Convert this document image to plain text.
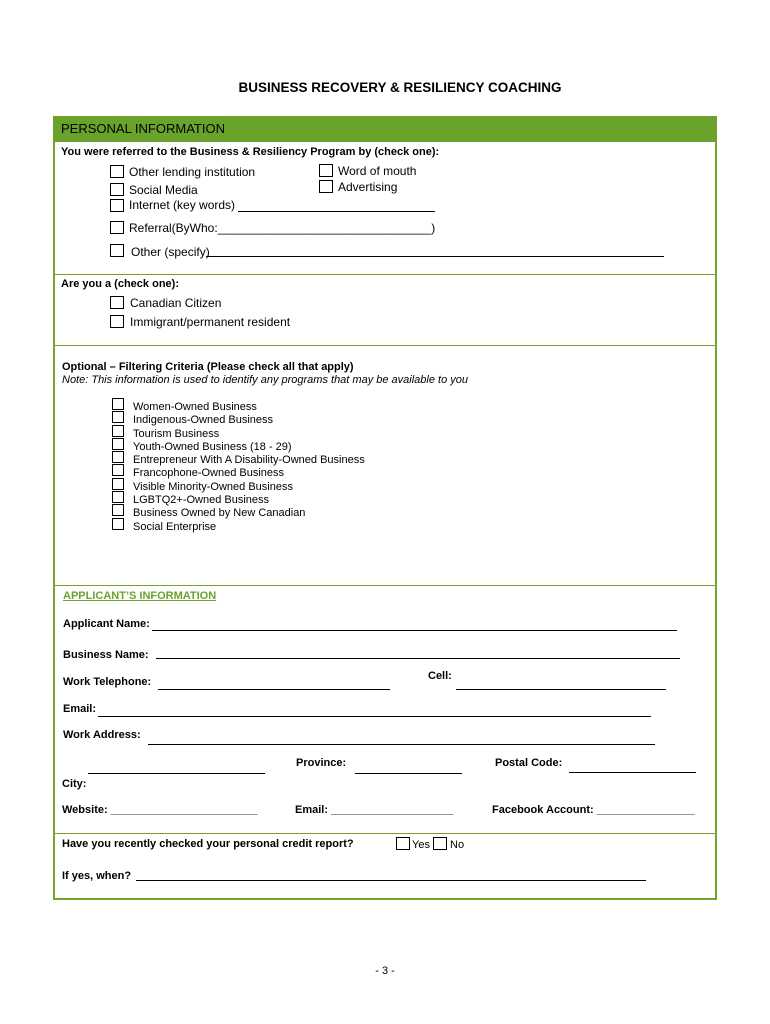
BUSINESS RECOVERY & RESILIENCY COACHING
PERSONAL INFORMATION
You were referred to the Business & Resiliency Program by (check one):
Other lending institution
Social Media
Internet (key words)
Referral(ByWho:________________________________)
Other (specify)
Word of mouth
Advertising
Are you a (check one):
Canadian Citizen
Immigrant/permanent resident
Optional – Filtering Criteria (Please check all that apply)
Note: This information is used to identify any programs that may be available to you
Women-Owned Business
Indigenous-Owned Business
Tourism Business
Youth-Owned Business (18 - 29)
Entrepreneur With A Disability-Owned Business
Francophone-Owned Business
Visible Minority-Owned Business
LGBTQ2+-Owned Business
Business Owned by New Canadian
Social Enterprise
APPLICANT’S INFORMATION
Applicant Name:
Business Name:
Work Telephone:	Cell:
Email:
Work Address:
Province:	Postal Code:
City:
Website: ________________________	Email: ____________________	Facebook Account: ________________
Have you recently checked your personal credit report?	Yes No
If yes, when?
- 3 -
